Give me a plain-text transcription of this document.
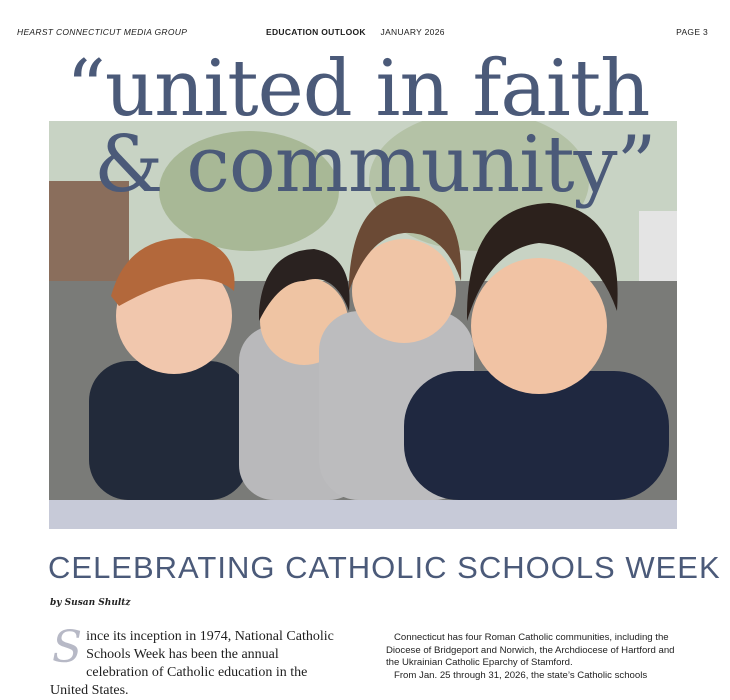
HEARST CONNECTICUT MEDIA GROUP	EDUCATION OUTLOOK JANUARY 2026	PAGE 3
“united in faith
& community”
CELEBRATING CATHOLIC SCHOOLS WEEK
by Susan Shultz
S ince its inception in 1974, National Catholic Schools Week has been the annual celebration of Catholic education in the United States.

Connecticut has four Roman Catholic communities, including the Diocese of Bridgeport and Norwich, the Archdiocese of Hartford and the Ukrainian Catholic Eparchy of Stamford.

From Jan. 25 through 31, 2026, the state’s Catholic schools
